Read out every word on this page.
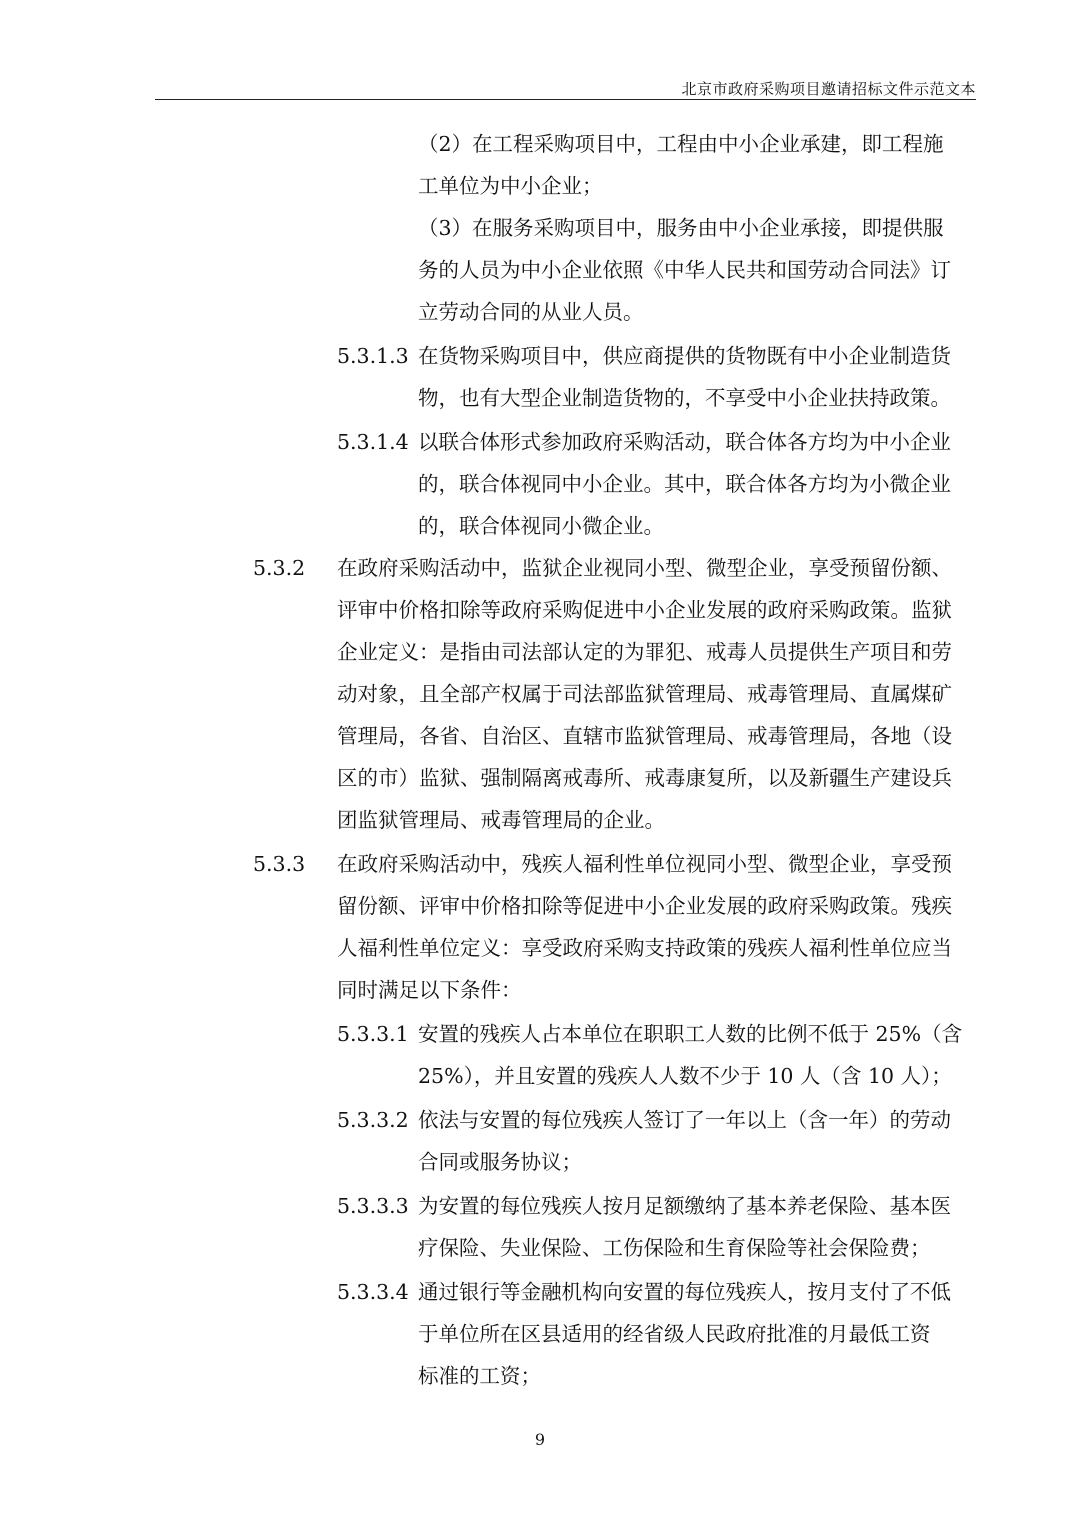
北京市政府采购项目邀请招标文件示范文本
（2）在工程采购项目中，工程由中小企业承建，即工程施
工单位为中小企业；
（3）在服务采购项目中，服务由中小企业承接，即提供服
务的人员为中小企业依照《中华人民共和国劳动合同法》订
立劳动合同的从业人员。
5.3.1.3 在货物采购项目中，供应商提供的货物既有中小企业制造货
物，也有大型企业制造货物的，不享受中小企业扶持政策。
5.3.1.4 以联合体形式参加政府采购活动，联合体各方均为中小企业
的，联合体视同中小企业。其中，联合体各方均为小微企业
的，联合体视同小微企业。
5.3.2 在政府采购活动中，监狱企业视同小型、微型企业，享受预留份额、
评审中价格扣除等政府采购促进中小企业发展的政府采购政策。监狱
企业定义：是指由司法部认定的为罪犯、戒毒人员提供生产项目和劳
动对象，且全部产权属于司法部监狱管理局、戒毒管理局、直属煤矿
管理局，各省、自治区、直辖市监狱管理局、戒毒管理局，各地（设
区的市）监狱、强制隔离戒毒所、戒毒康复所，以及新疆生产建设兵
团监狱管理局、戒毒管理局的企业。
5.3.3 在政府采购活动中，残疾人福利性单位视同小型、微型企业，享受预
留份额、评审中价格扣除等促进中小企业发展的政府采购政策。残疾
人福利性单位定义：享受政府采购支持政策的残疾人福利性单位应当
同时满足以下条件：
5.3.3.1 安置的残疾人占本单位在职职工人数的比例不低于 25%（含
25%），并且安置的残疾人人数不少于 10 人（含 10 人）；
5.3.3.2 依法与安置的每位残疾人签订了一年以上（含一年）的劳动
合同或服务协议；
5.3.3.3 为安置的每位残疾人按月足额缴纳了基本养老保险、基本医
疗保险、失业保险、工伤保险和生育保险等社会保险费；
5.3.3.4 通过银行等金融机构向安置的每位残疾人，按月支付了不低
于单位所在区县适用的经省级人民政府批准的月最低工资
标准的工资；
9
